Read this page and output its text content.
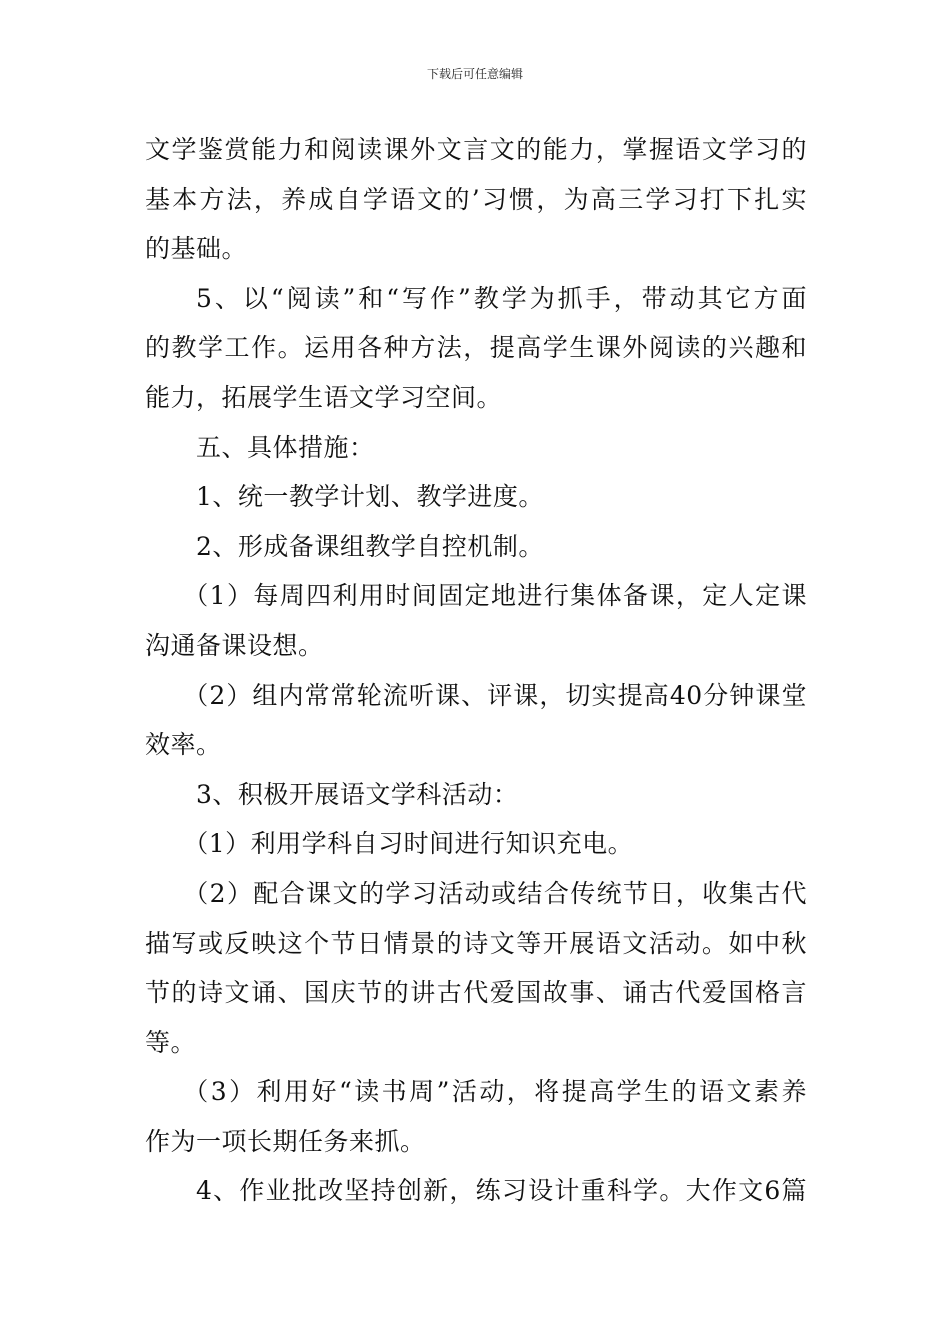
下载后可任意编辑
文学鉴赏能力和阅读课外文言文的能力，掌握语文学习的
基本方法，养成自学语文的’习惯，为高三学习打下扎实
的基础。
5、以“阅读”和“写作”教学为抓手，带动其它方面
的教学工作。运用各种方法，提高学生课外阅读的兴趣和
能力，拓展学生语文学习空间。
五、具体措施：
1、统一教学计划、教学进度。
2、形成备课组教学自控机制。
（1）每周四利用时间固定地进行集体备课，定人定课
沟通备课设想。
（2）组内常常轮流听课、评课，切实提高40分钟课堂
效率。
3、积极开展语文学科活动：
（1）利用学科自习时间进行知识充电。
（2）配合课文的学习活动或结合传统节日，收集古代
描写或反映这个节日情景的诗文等开展语文活动。如中秋
节的诗文诵、国庆节的讲古代爱国故事、诵古代爱国格言
等。
（3）利用好“读书周”活动，将提高学生的语文素养
作为一项长期任务来抓。
4、作业批改坚持创新，练习设计重科学。大作文6篇
